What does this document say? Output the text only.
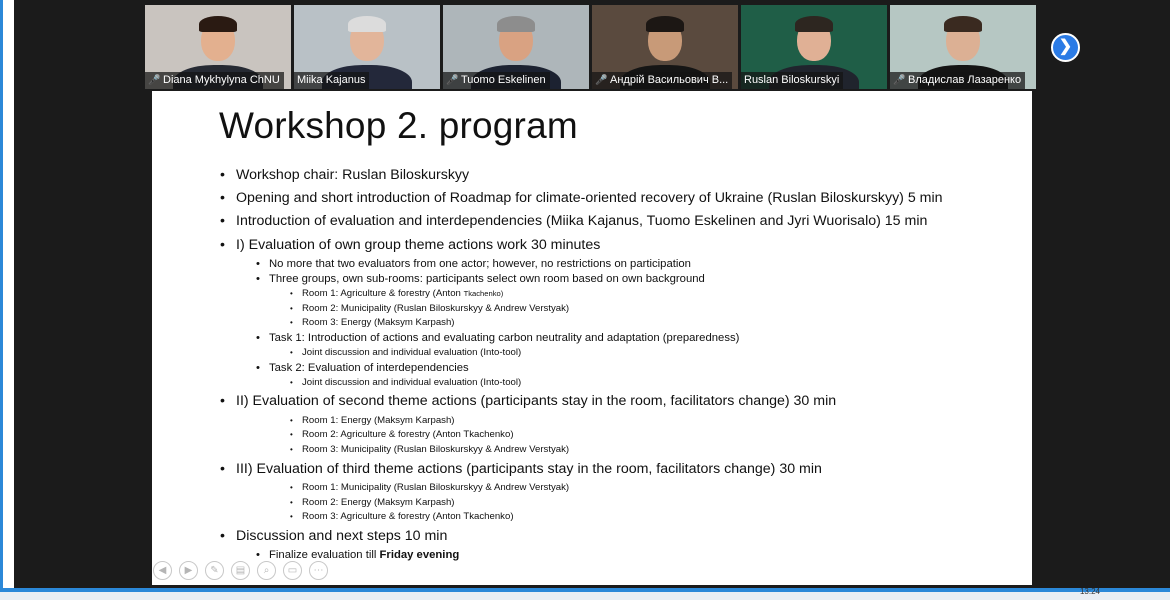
🎤 Diana Mykhylyna ChNU	Miika Kajanus	🎤 Tuomo Eskelinen	🎤 Андрій Васильович В...	Ruslan Biloskurskyi	🎤 Владислав Лазаренко
❯
Workshop 2. program
• Workshop chair: Ruslan Biloskurskyy
• Opening and short introduction of Roadmap for climate-oriented recovery of Ukraine (Ruslan Biloskurskyy) 5 min
• Introduction of evaluation and interdependencies (Miika Kajanus, Tuomo Eskelinen and Jyri Wuorisalo) 15 min
• I) Evaluation of own group theme actions work 30 minutes
• No more that two evaluators from one actor; however, no restrictions on participation
• Three groups, own sub-rooms: participants select own room based on own background
• Room 1: Agriculture & forestry (Anton Tkachenko)
• Room 2: Municipality (Ruslan Biloskurskyy & Andrew Verstyak)
• Room 3: Energy (Maksym Karpash)
• Task 1: Introduction of actions and evaluating carbon neutrality and adaptation (preparedness)
• Joint discussion and individual evaluation (Into-tool)
• Task 2: Evaluation of interdependencies
• Joint discussion and individual evaluation (Into-tool)
• II) Evaluation of second theme actions (participants stay in the room, facilitators change) 30 min
• Room 1: Energy (Maksym Karpash)
• Room 2: Agriculture & forestry (Anton Tkachenko)
• Room 3: Municipality (Ruslan Biloskurskyy & Andrew Verstyak)
• III) Evaluation of third theme actions (participants stay in the room, facilitators change) 30 min
• Room 1: Municipality (Ruslan Biloskurskyy & Andrew Verstyak)
• Room 2: Energy (Maksym Karpash)
• Room 3: Agriculture & forestry (Anton Tkachenko)
• Discussion and next steps 10 min
• Finalize evaluation till Friday evening
◀	▶	✎	▤	⌕	▭	⋯
13:24
